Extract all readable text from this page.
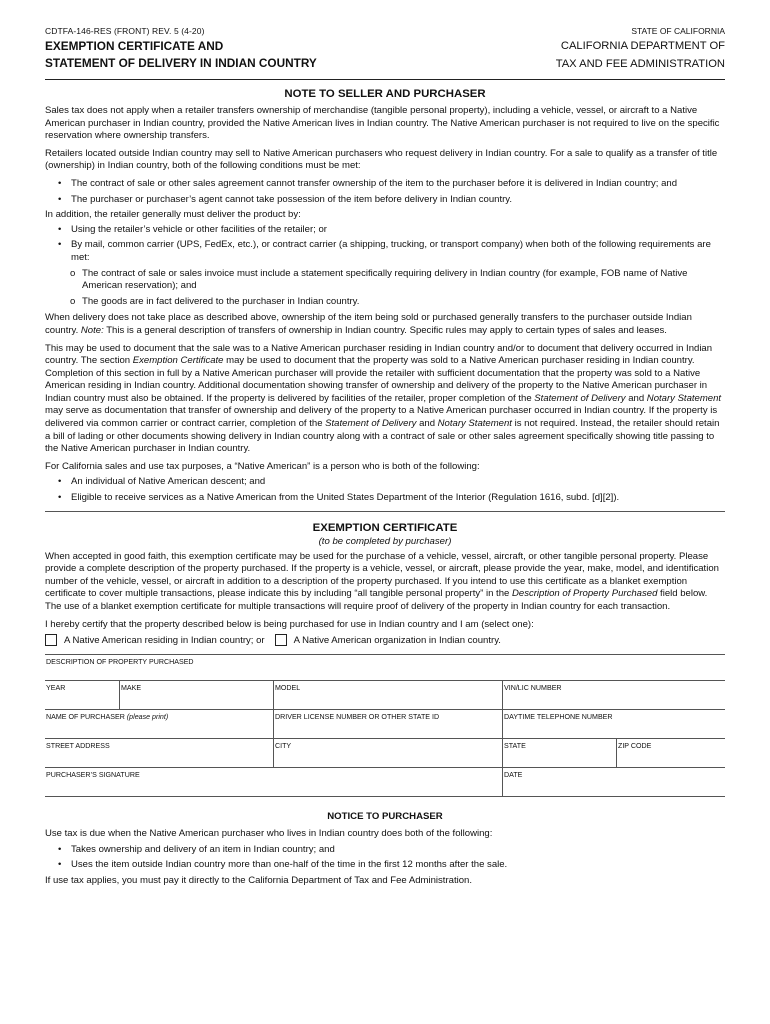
CDTFA-146-RES (FRONT) REV. 5 (4-20)
EXEMPTION CERTIFICATE AND
STATEMENT OF DELIVERY IN INDIAN COUNTRY
STATE OF CALIFORNIA
CALIFORNIA DEPARTMENT OF
TAX AND FEE ADMINISTRATION
NOTE TO SELLER AND PURCHASER

Sales tax does not apply when a retailer transfers ownership of merchandise (tangible personal property), including a vehicle, vessel, or aircraft to a Native American purchaser in Indian country, provided the Native American lives in Indian country. The Native American purchaser is not required to live on the specific reservation where ownership transfers.

Retailers located outside Indian country may sell to Native American purchasers who request delivery in Indian country. For a sale to qualify as a transfer of title (ownership) in Indian country, both of the following conditions must be met:

• The contract of sale or other sales agreement cannot transfer ownership of the item to the purchaser before it is delivered in Indian country; and
• The purchaser or purchaser’s agent cannot take possession of the item before delivery in Indian country.

In addition, the retailer generally must deliver the product by:

• Using the retailer’s vehicle or other facilities of the retailer; or
• By mail, common carrier (UPS, FedEx, etc.), or contract carrier (a shipping, trucking, or transport company) when both of the following requirements are met:
o The contract of sale or sales invoice must include a statement specifically requiring delivery in Indian country (for example, FOB name of Native American reservation); and
o The goods are in fact delivered to the purchaser in Indian country.

When delivery does not take place as described above, ownership of the item being sold or purchased generally transfers to the purchaser outside Indian country. Note: This is a general description of transfers of ownership in Indian country. Specific rules may apply to certain types of sales and leases.

This may be used to document that the sale was to a Native American purchaser residing in Indian country and/or to document that delivery occurred in Indian country. The section Exemption Certificate may be used to document that the property was sold to a Native American purchaser residing in Indian country. Completion of this section in full by a Native American purchaser will provide the retailer with sufficient documentation that the property was sold to a Native American residing in Indian country. Additional documentation showing transfer of ownership and delivery of the property to the Native American purchaser in Indian country must also be obtained. If the property is delivered by facilities of the retailer, proper completion of the Statement of Delivery and Notary Statement may serve as documentation that transfer of ownership and delivery of the property to a Native American purchaser occurred in Indian country. If the property is delivered via common carrier or contract carrier, completion of the Statement of Delivery and Notary Statement is not required. Instead, the retailer should retain a bill of lading or other documents showing delivery in Indian country along with a contract of sale or other sales agreement specifically showing title passing to the Native American purchaser in Indian country.

For California sales and use tax purposes, a “Native American” is a person who is both of the following:

• An individual of Native American descent; and
• Eligible to receive services as a Native American from the United States Department of the Interior (Regulation 1616, subd. [d][2]).
EXEMPTION CERTIFICATE
(to be completed by purchaser)

When accepted in good faith, this exemption certificate may be used for the purchase of a vehicle, vessel, aircraft, or other tangible personal property. Please provide a complete description of the property purchased. If the property is a vehicle, vessel, or aircraft, please provide the year, make, model, and identification number of the vehicle, vessel, or aircraft in addition to a description of the property purchased. If you intend to use this certificate as a blanket exemption certificate to cover multiple transactions, please indicate this by including “all tangible personal property” in the Description of Property Purchased field below. The use of a blanket exemption certificate for multiple transactions will require proof of delivery of the property in Indian country for each transaction.

I hereby certify that the property described below is being purchased for use in Indian country and I am (select one):

A Native American residing in Indian country; or	A Native American organization in Indian country.
DESCRIPTION OF PROPERTY PURCHASED				
YEAR	MAKE	MODEL	VIN/LIC NUMBER	
NAME OF PURCHASER (please print)		DRIVER LICENSE NUMBER OR OTHER STATE ID	DAYTIME TELEPHONE NUMBER	
STREET ADDRESS		CITY	STATE	ZIP CODE
PURCHASER’S SIGNATURE			DATE	
NOTICE TO PURCHASER

Use tax is due when the Native American purchaser who lives in Indian country does both of the following:

• Takes ownership and delivery of an item in Indian country; and
• Uses the item outside Indian country more than one-half of the time in the first 12 months after the sale.

If use tax applies, you must pay it directly to the California Department of Tax and Fee Administration.
